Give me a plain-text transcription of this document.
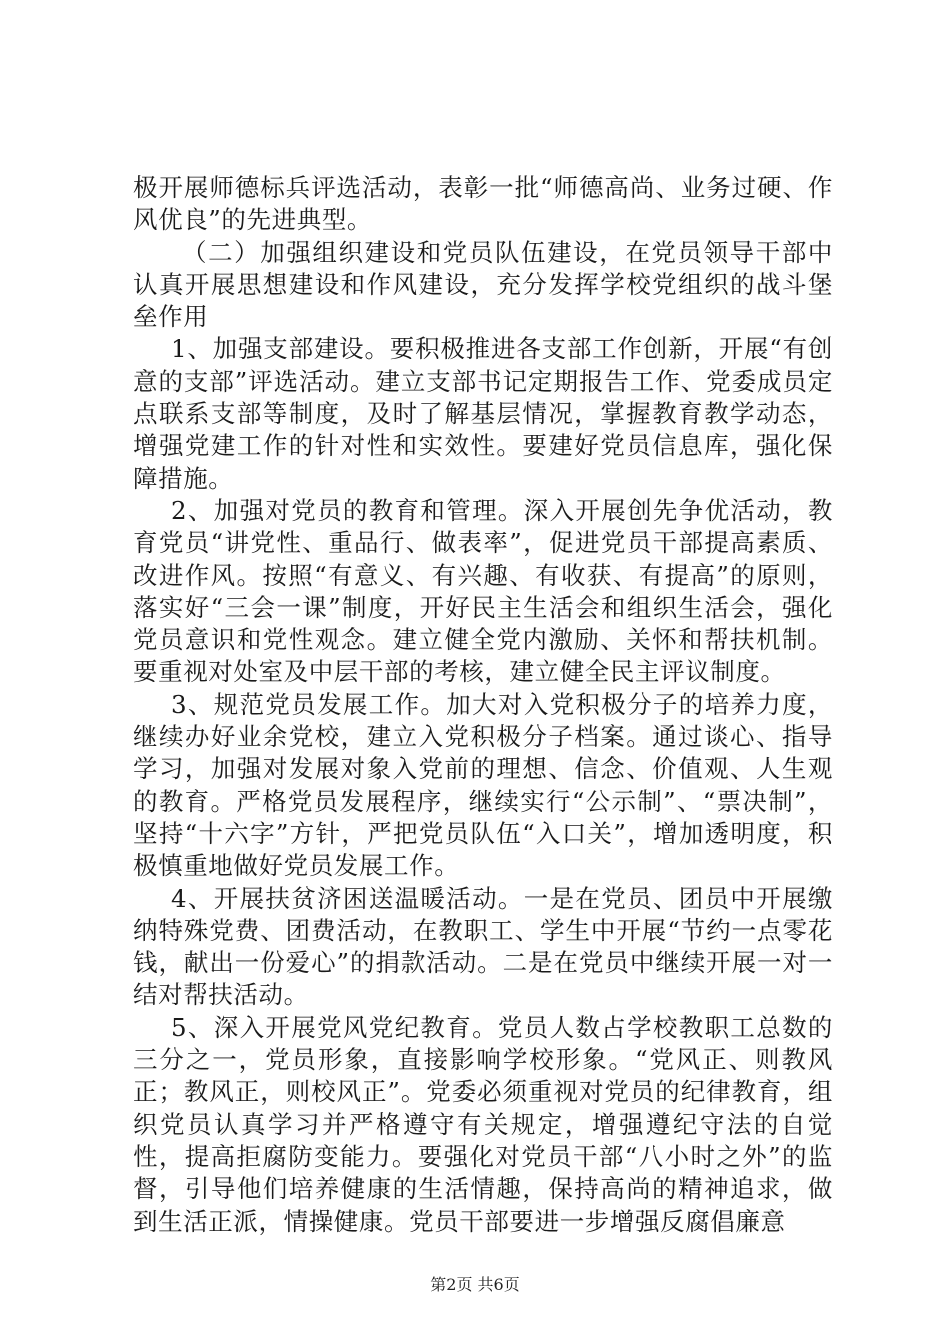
极开展师德标兵评选活动，表彰一批“师德高尚、业务过硬、作风优良”的先进典型。

（二）加强组织建设和党员队伍建设，在党员领导干部中认真开展思想建设和作风建设，充分发挥学校党组织的战斗堡垒作用

1、加强支部建设。要积极推进各支部工作创新，开展“有创意的支部”评选活动。建立支部书记定期报告工作、党委成员定点联系支部等制度，及时了解基层情况，掌握教育教学动态，增强党建工作的针对性和实效性。要建好党员信息库，强化保障措施。

2、加强对党员的教育和管理。深入开展创先争优活动，教育党员“讲党性、重品行、做表率”，促进党员干部提高素质、改进作风。按照“有意义、有兴趣、有收获、有提高”的原则，落实好“三会一课”制度，开好民主生活会和组织生活会，强化党员意识和党性观念。建立健全党内激励、关怀和帮扶机制。要重视对处室及中层干部的考核，建立健全民主评议制度。

3、规范党员发展工作。加大对入党积极分子的培养力度，继续办好业余党校，建立入党积极分子档案。通过谈心、指导学习，加强对发展对象入党前的理想、信念、价值观、人生观的教育。严格党员发展程序，继续实行“公示制”、“票决制”，坚持“十六字”方针，严把党员队伍“入口关”，增加透明度，积极慎重地做好党员发展工作。

4、开展扶贫济困送温暖活动。一是在党员、团员中开展缴纳特殊党费、团费活动，在教职工、学生中开展“节约一点零花钱，献出一份爱心”的捐款活动。二是在党员中继续开展一对一结对帮扶活动。

5、深入开展党风党纪教育。党员人数占学校教职工总数的三分之一，党员形象，直接影响学校形象。“党风正、则教风正；教风正，则校风正”。党委必须重视对党员的纪律教育，组织党员认真学习并严格遵守有关规定，增强遵纪守法的自觉性，提高拒腐防变能力。要强化对党员干部“八小时之外”的监督，引导他们培养健康的生活情趣，保持高尚的精神追求，做到生活正派，情操健康。党员干部要进一步增强反腐倡廉意

第2页 共6页
